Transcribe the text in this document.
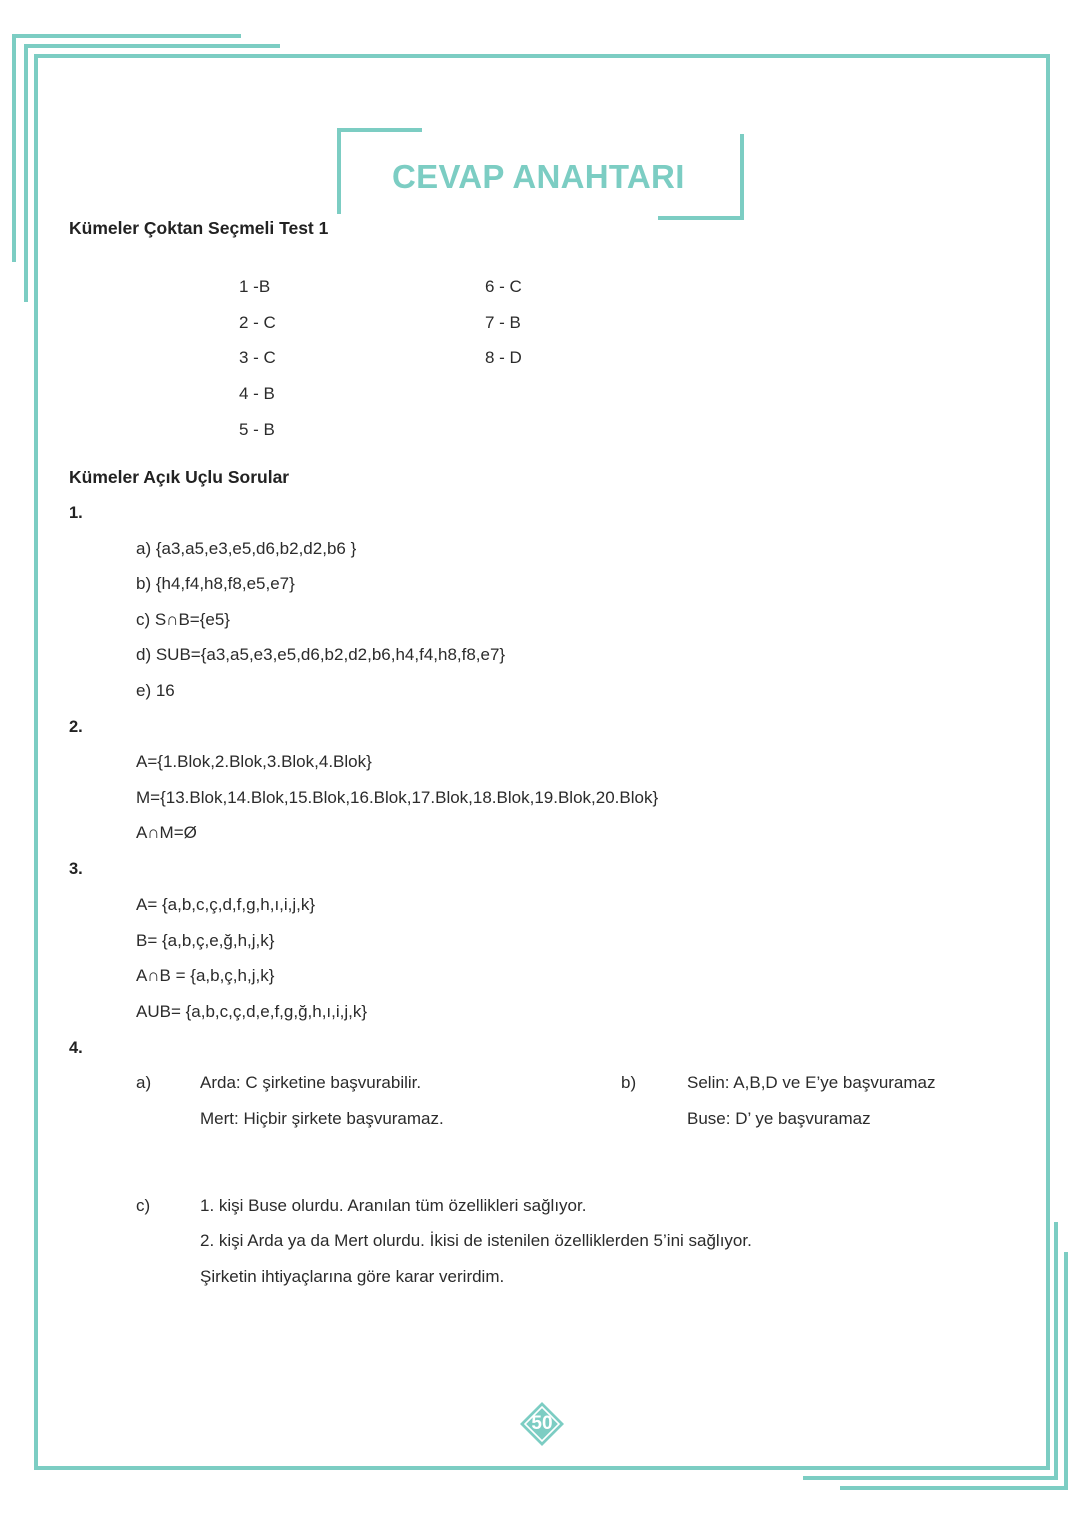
CEVAP ANAHTARI
Kümeler Çoktan Seçmeli Test 1
1 -B
2 - C
3 - C
4 - B
5 - B
6 - C
7 - B
8 - D
Kümeler Açık Uçlu Sorular
1.
a) {a3,a5,e3,e5,d6,b2,d2,b6 }
b) {h4,f4,h8,f8,e5,e7}
c) S∩B={e5}
d) SUB={a3,a5,e3,e5,d6,b2,d2,b6,h4,f4,h8,f8,e7}
e) 16
2.
A={1.Blok,2.Blok,3.Blok,4.Blok}
M={13.Blok,14.Blok,15.Blok,16.Blok,17.Blok,18.Blok,19.Blok,20.Blok}
A∩M=Ø
3.
A= {a,b,c,ç,d,f,g,h,ı,i,j,k}
B= {a,b,ç,e,ğ,h,j,k}
A∩B = {a,b,ç,h,j,k}
AUB= {a,b,c,ç,d,e,f,g,ğ,h,ı,i,j,k}
4.
a)	Arda: C şirketine başvurabilir.
Mert: Hiçbir şirkete başvuramaz.
b)	Selin: A,B,D ve E’ye başvuramaz
Buse: D’ ye başvuramaz
c)	1. kişi Buse olurdu. Aranılan tüm özellikleri sağlıyor.
2. kişi Arda ya da Mert olurdu. İkisi de istenilen özelliklerden 5’ini sağlıyor.
Şirketin ihtiyaçlarına göre karar verirdim.
50
